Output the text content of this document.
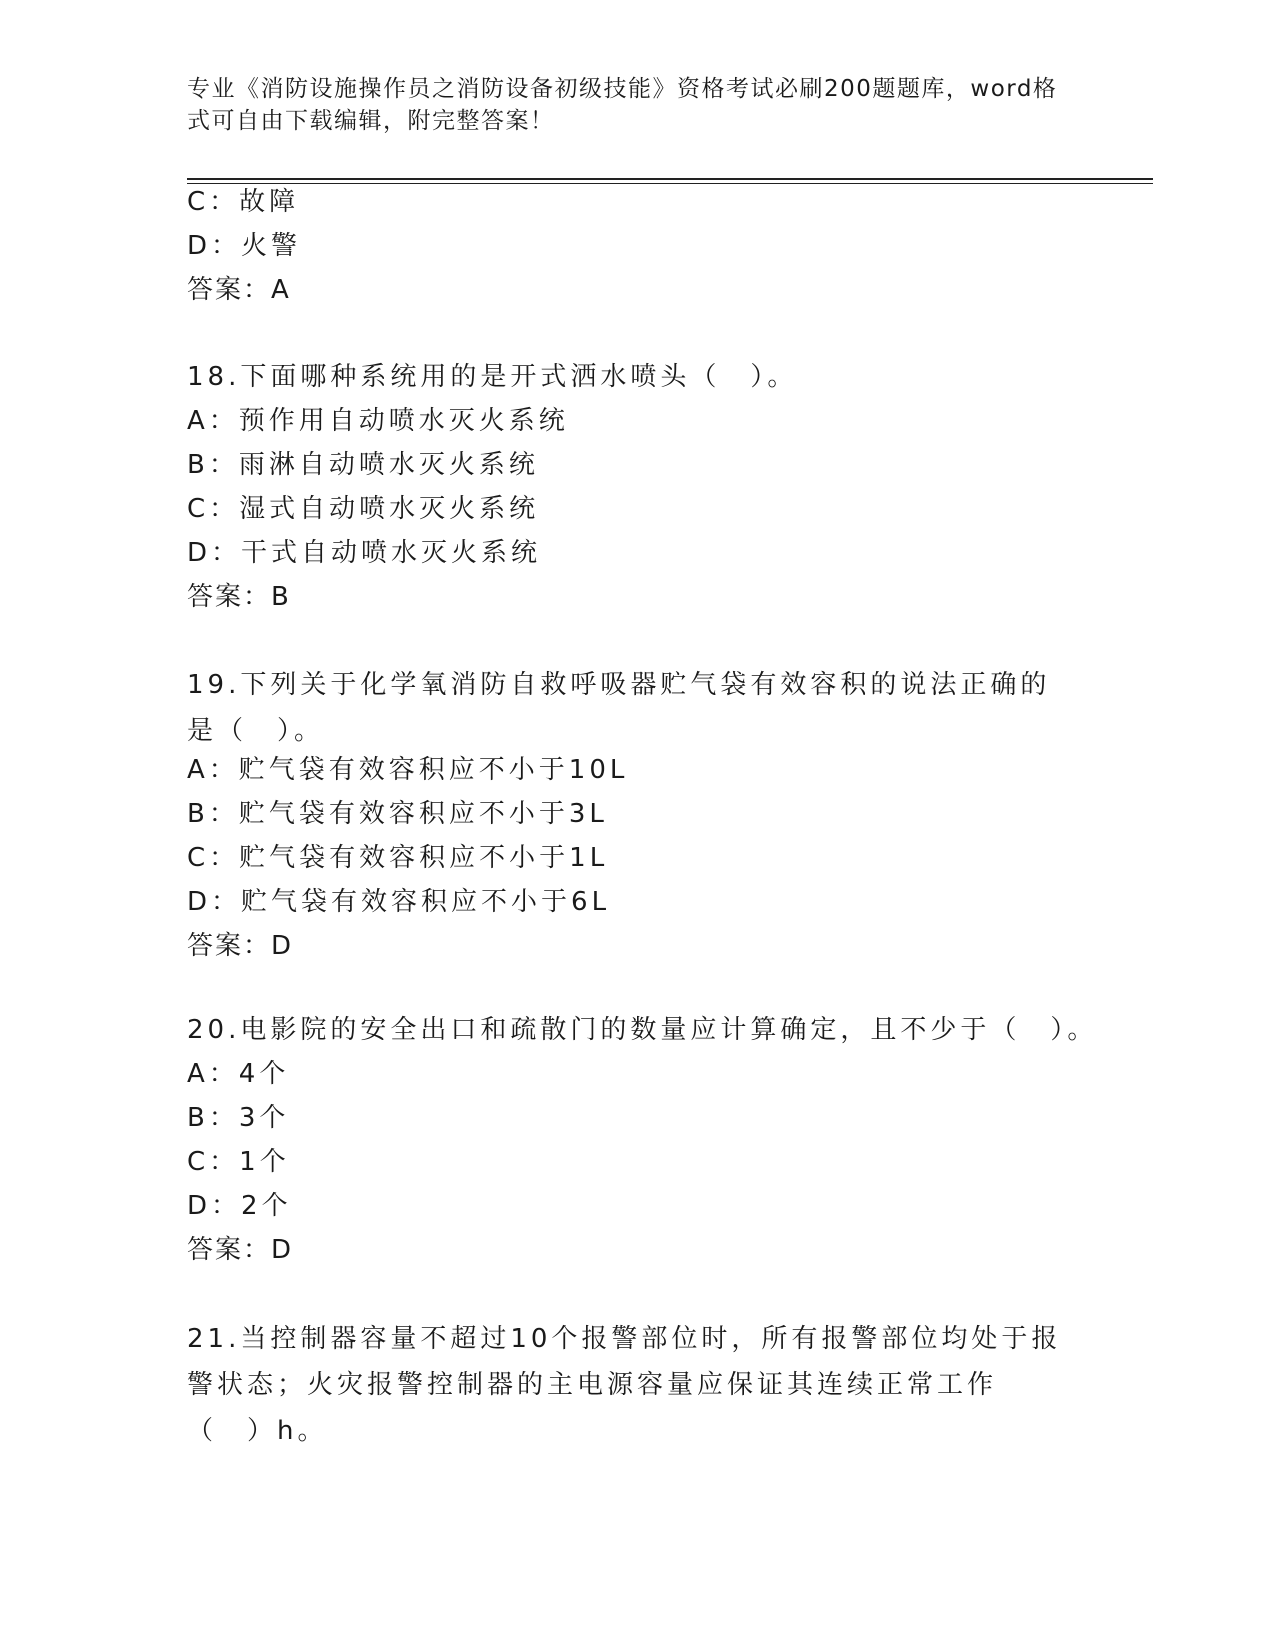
专业《消防设施操作员之消防设备初级技能》资格考试必刷200题题库，word格式可自由下载编辑，附完整答案！
C：故障
D：火警
答案：A
18.下面哪种系统用的是开式洒水喷头（　）。
A：预作用自动喷水灭火系统
B：雨淋自动喷水灭火系统
C：湿式自动喷水灭火系统
D：干式自动喷水灭火系统
答案：B
19.下列关于化学氧消防自救呼吸器贮气袋有效容积的说法正确的是（　）。
A：贮气袋有效容积应不小于10L
B：贮气袋有效容积应不小于3L
C：贮气袋有效容积应不小于1L
D：贮气袋有效容积应不小于6L
答案：D
20.电影院的安全出口和疏散门的数量应计算确定，且不少于（　）。
A：4个
B：3个
C：1个
D：2个
答案：D
21.当控制器容量不超过10个报警部位时，所有报警部位均处于报警状态；火灾报警控制器的主电源容量应保证其连续正常工作（　）h。
